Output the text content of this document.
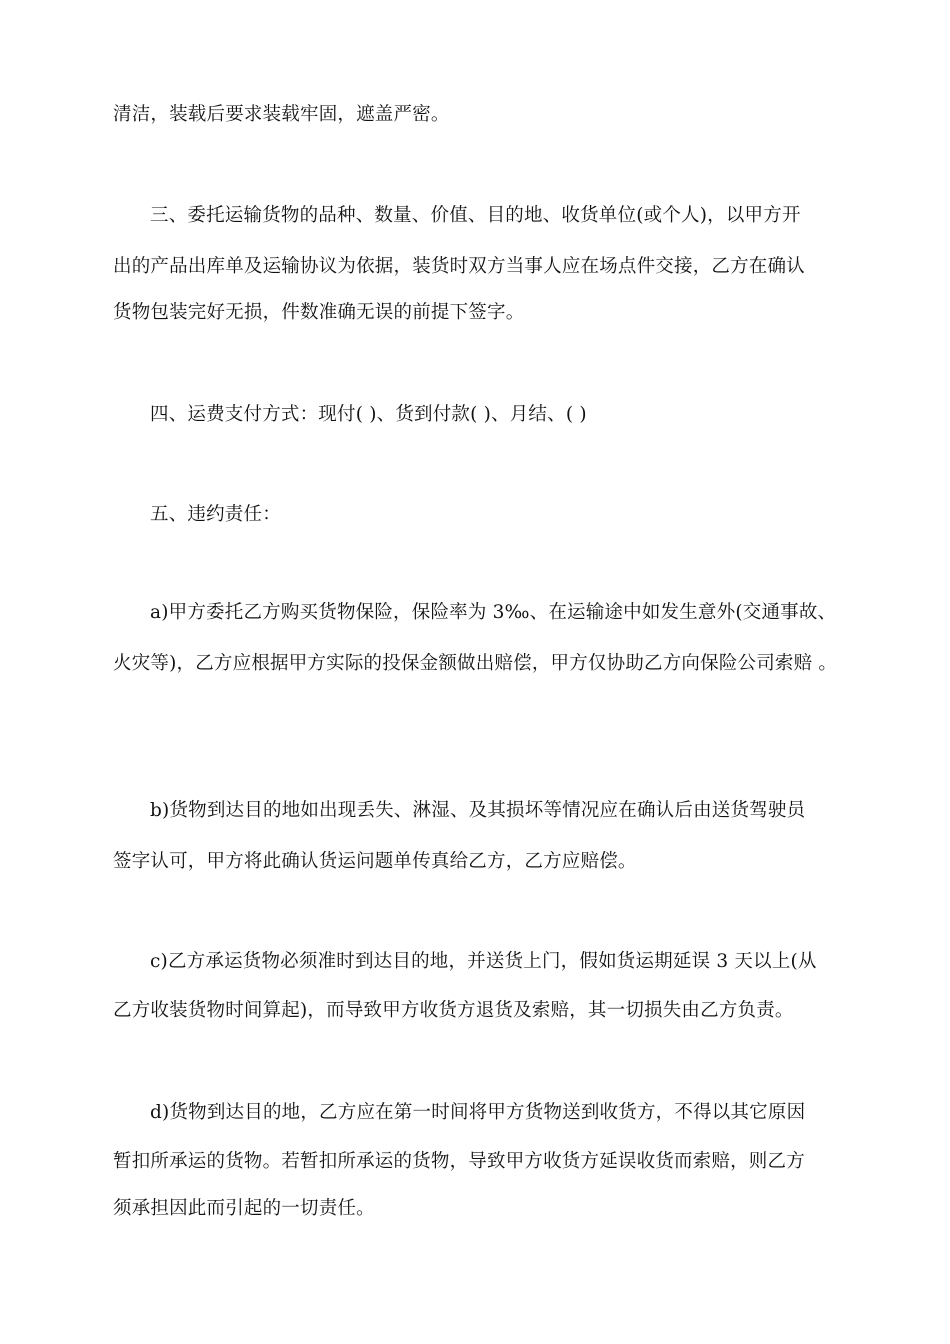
清洁，装载后要求装载牢固，遮盖严密。
三、委托运输货物的品种、数量、价值、目的地、收货单位(或个人)，以甲方开
出的产品出库单及运输协议为依据，装货时双方当事人应在场点件交接，乙方在确认
货物包装完好无损，件数准确无误的前提下签字。
四、运费支付方式：现付( )、货到付款( )、月结、( )
五、违约责任：
a)甲方委托乙方购买货物保险，保险率为 3‰、在运输途中如发生意外(交通事故、
火灾等)，乙方应根据甲方实际的投保金额做出赔偿，甲方仅协助乙方向保险公司索赔 。
b)货物到达目的地如出现丢失、淋湿、及其损坏等情况应在确认后由送货驾驶员
签字认可，甲方将此确认货运问题单传真给乙方，乙方应赔偿。
c)乙方承运货物必须准时到达目的地，并送货上门，假如货运期延误 3 天以上(从
乙方收装货物时间算起)，而导致甲方收货方退货及索赔，其一切损失由乙方负责。
d)货物到达目的地，乙方应在第一时间将甲方货物送到收货方，不得以其它原因
暂扣所承运的货物。若暂扣所承运的货物，导致甲方收货方延误收货而索赔，则乙方
须承担因此而引起的一切责任。
